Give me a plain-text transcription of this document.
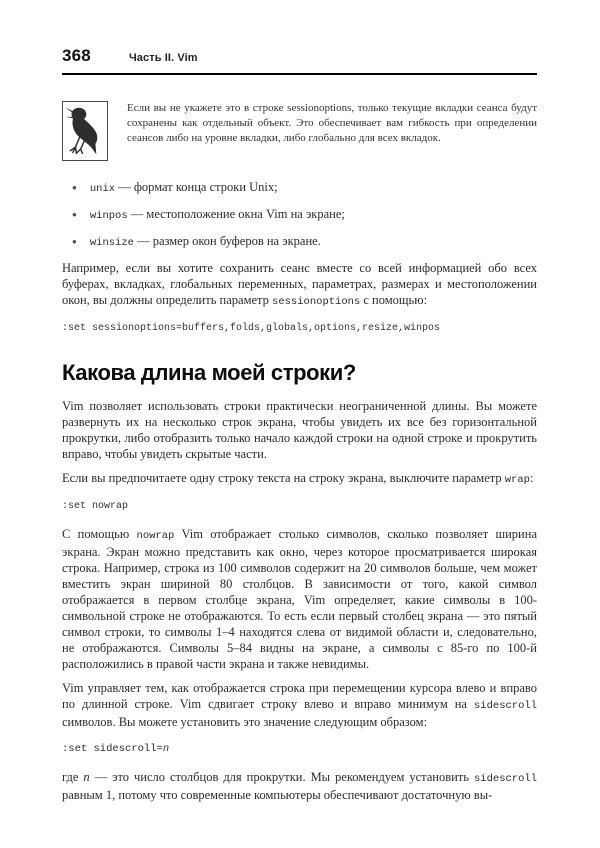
368	Часть II. Vim
Если вы не укажете это в строке sessionoptions, только текущие вкладки сеанса будут сохранены как отдельный объект. Это обеспечивает вам гибкость при определении сеансов либо на уровне вкладки, либо глобально для всех вкладок.
● unix — формат конца строки Unix;
● winpos — местоположение окна Vim на экране;
● winsize — размер окон буферов на экране.

Например, если вы хотите сохранить сеанс вместе со всей информацией обо всех буферах, вкладках, глобальных переменных, параметрах, размерах и местоположении окон, вы должны определить параметр sessionoptions с помощью:

:set sessionoptions=buffers,folds,globals,options,resize,winpos
Какова длина моей строки?

Vim позволяет использовать строки практически неограниченной длины. Вы можете развернуть их на несколько строк экрана, чтобы увидеть их все без горизонтальной прокрутки, либо отобразить только начало каждой строки на одной строке и прокрутить вправо, чтобы увидеть скрытые части.

Если вы предпочитаете одну строку текста на строку экрана, выключите параметр wrap:

:set nowrap

С помощью nowrap Vim отображает столько символов, сколько позволяет ширина экрана. Экран можно представить как окно, через которое просматривается широкая строка. Например, строка из 100 символов содержит на 20 символов больше, чем может вместить экран шириной 80 столбцов. В зависимости от того, какой символ отображается в первом столбце экрана, Vim определяет, какие символы в 100-символьной строке не отображаются. То есть если первый столбец экрана — это пятый символ строки, то символы 1–4 находятся слева от видимой области и, следовательно, не отображаются. Символы 5–84 видны на экране, а символы с 85-го по 100-й расположились в правой части экрана и также невидимы.

Vim управляет тем, как отображается строка при перемещении курсора влево и вправо по длинной строке. Vim сдвигает строку влево и вправо минимум на sidescroll символов. Вы можете установить это значение следующим образом:

:set sidescroll=n

где n — это число столбцов для прокрутки. Мы рекомендуем установить sidescroll равным 1, потому что современные компьютеры обеспечивают достаточную вы-
